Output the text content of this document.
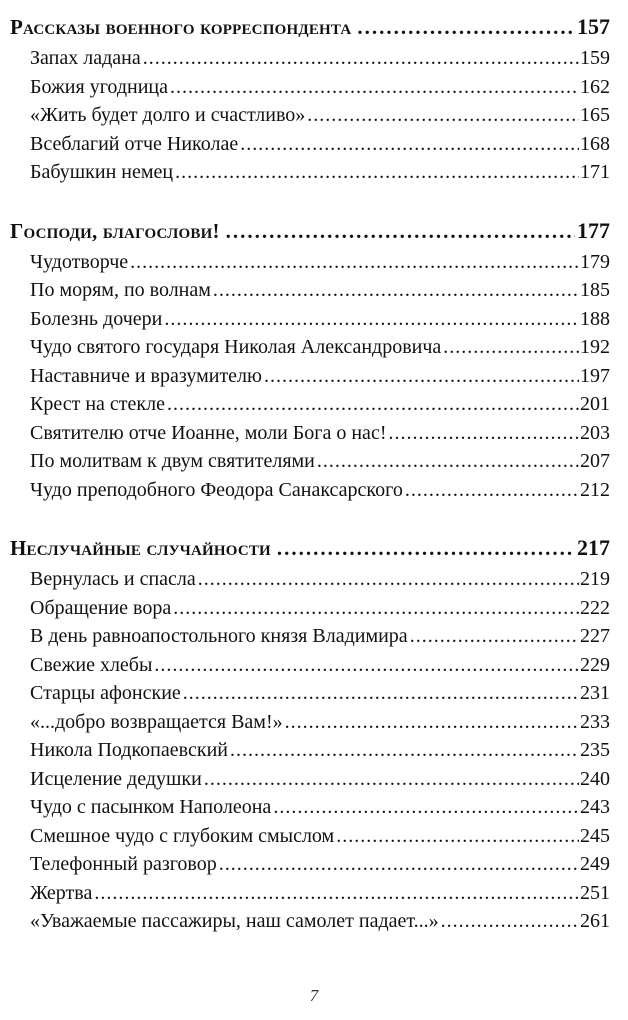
Рассказы военного корреспондента .....	157
Запах ладана .....	159
Божия угодница .....	162
«Жить будет долго и счастливо» .....	165
Всеблагий отче Николае .....	168
Бабушкин немец .....	171
Господи, благослови! .....	177
Чудотворче .....	179
По морям, по волнам .....	185
Болезнь дочери .....	188
Чудо святого государя Николая Александровича .....	192
Наставниче и вразумителю .....	197
Крест на стекле .....	201
Святителю отче Иоанне, моли Бога о нас! .....	203
По молитвам к двум святителями .....	207
Чудо преподобного Феодора Санаксарского .....	212
Неслучайные случайности .....	217
Вернулась и спасла .....	219
Обращение вора .....	222
В день равноапостольного князя Владимира .....	227
Свежие хлебы .....	229
Старцы афонские .....	231
«...добро возвращается Вам!» .....	233
Никола Подкопаевский .....	235
Исцеление дедушки .....	240
Чудо с пасынком Наполеона .....	243
Смешное чудо с глубоким смыслом .....	245
Телефонный разговор .....	249
Жертва .....	251
«Уважаемые пассажиры, наш самолет падает...» .....	261
7
